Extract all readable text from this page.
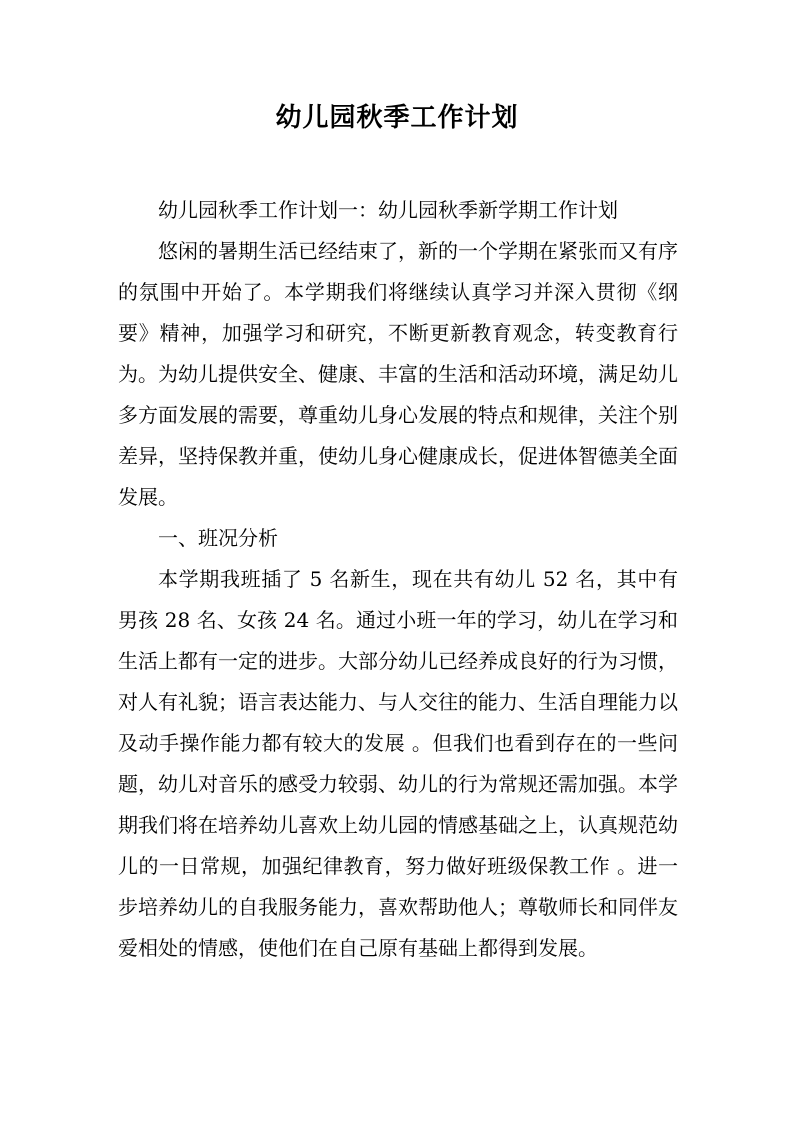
幼儿园秋季工作计划

幼儿园秋季工作计划一：幼儿园秋季新学期工作计划

悠闲的暑期生活已经结束了，新的一个学期在紧张而又有序的氛围中开始了。本学期我们将继续认真学习并深入贯彻《纲要》精神，加强学习和研究，不断更新教育观念，转变教育行为。为幼儿提供安全、健康、丰富的生活和活动环境，满足幼儿多方面发展的需要，尊重幼儿身心发展的特点和规律，关注个别差异，坚持保教并重，使幼儿身心健康成长，促进体智德美全面发展。

一、班况分析

本学期我班插了 5 名新生，现在共有幼儿 52 名，其中有男孩 28 名、女孩 24 名。通过小班一年的学习，幼儿在学习和生活上都有一定的进步。大部分幼儿已经养成良好的行为习惯，对人有礼貌；语言表达能力、与人交往的能力、生活自理能力以及动手操作能力都有较大的发展 。但我们也看到存在的一些问题，幼儿对音乐的感受力较弱、幼儿的行为常规还需加强。本学期我们将在培养幼儿喜欢上幼儿园的情感基础之上，认真规范幼儿的一日常规，加强纪律教育，努力做好班级保教工作 。进一步培养幼儿的自我服务能力，喜欢帮助他人；尊敬师长和同伴友爱相处的情感，使他们在自己原有基础上都得到发展。
